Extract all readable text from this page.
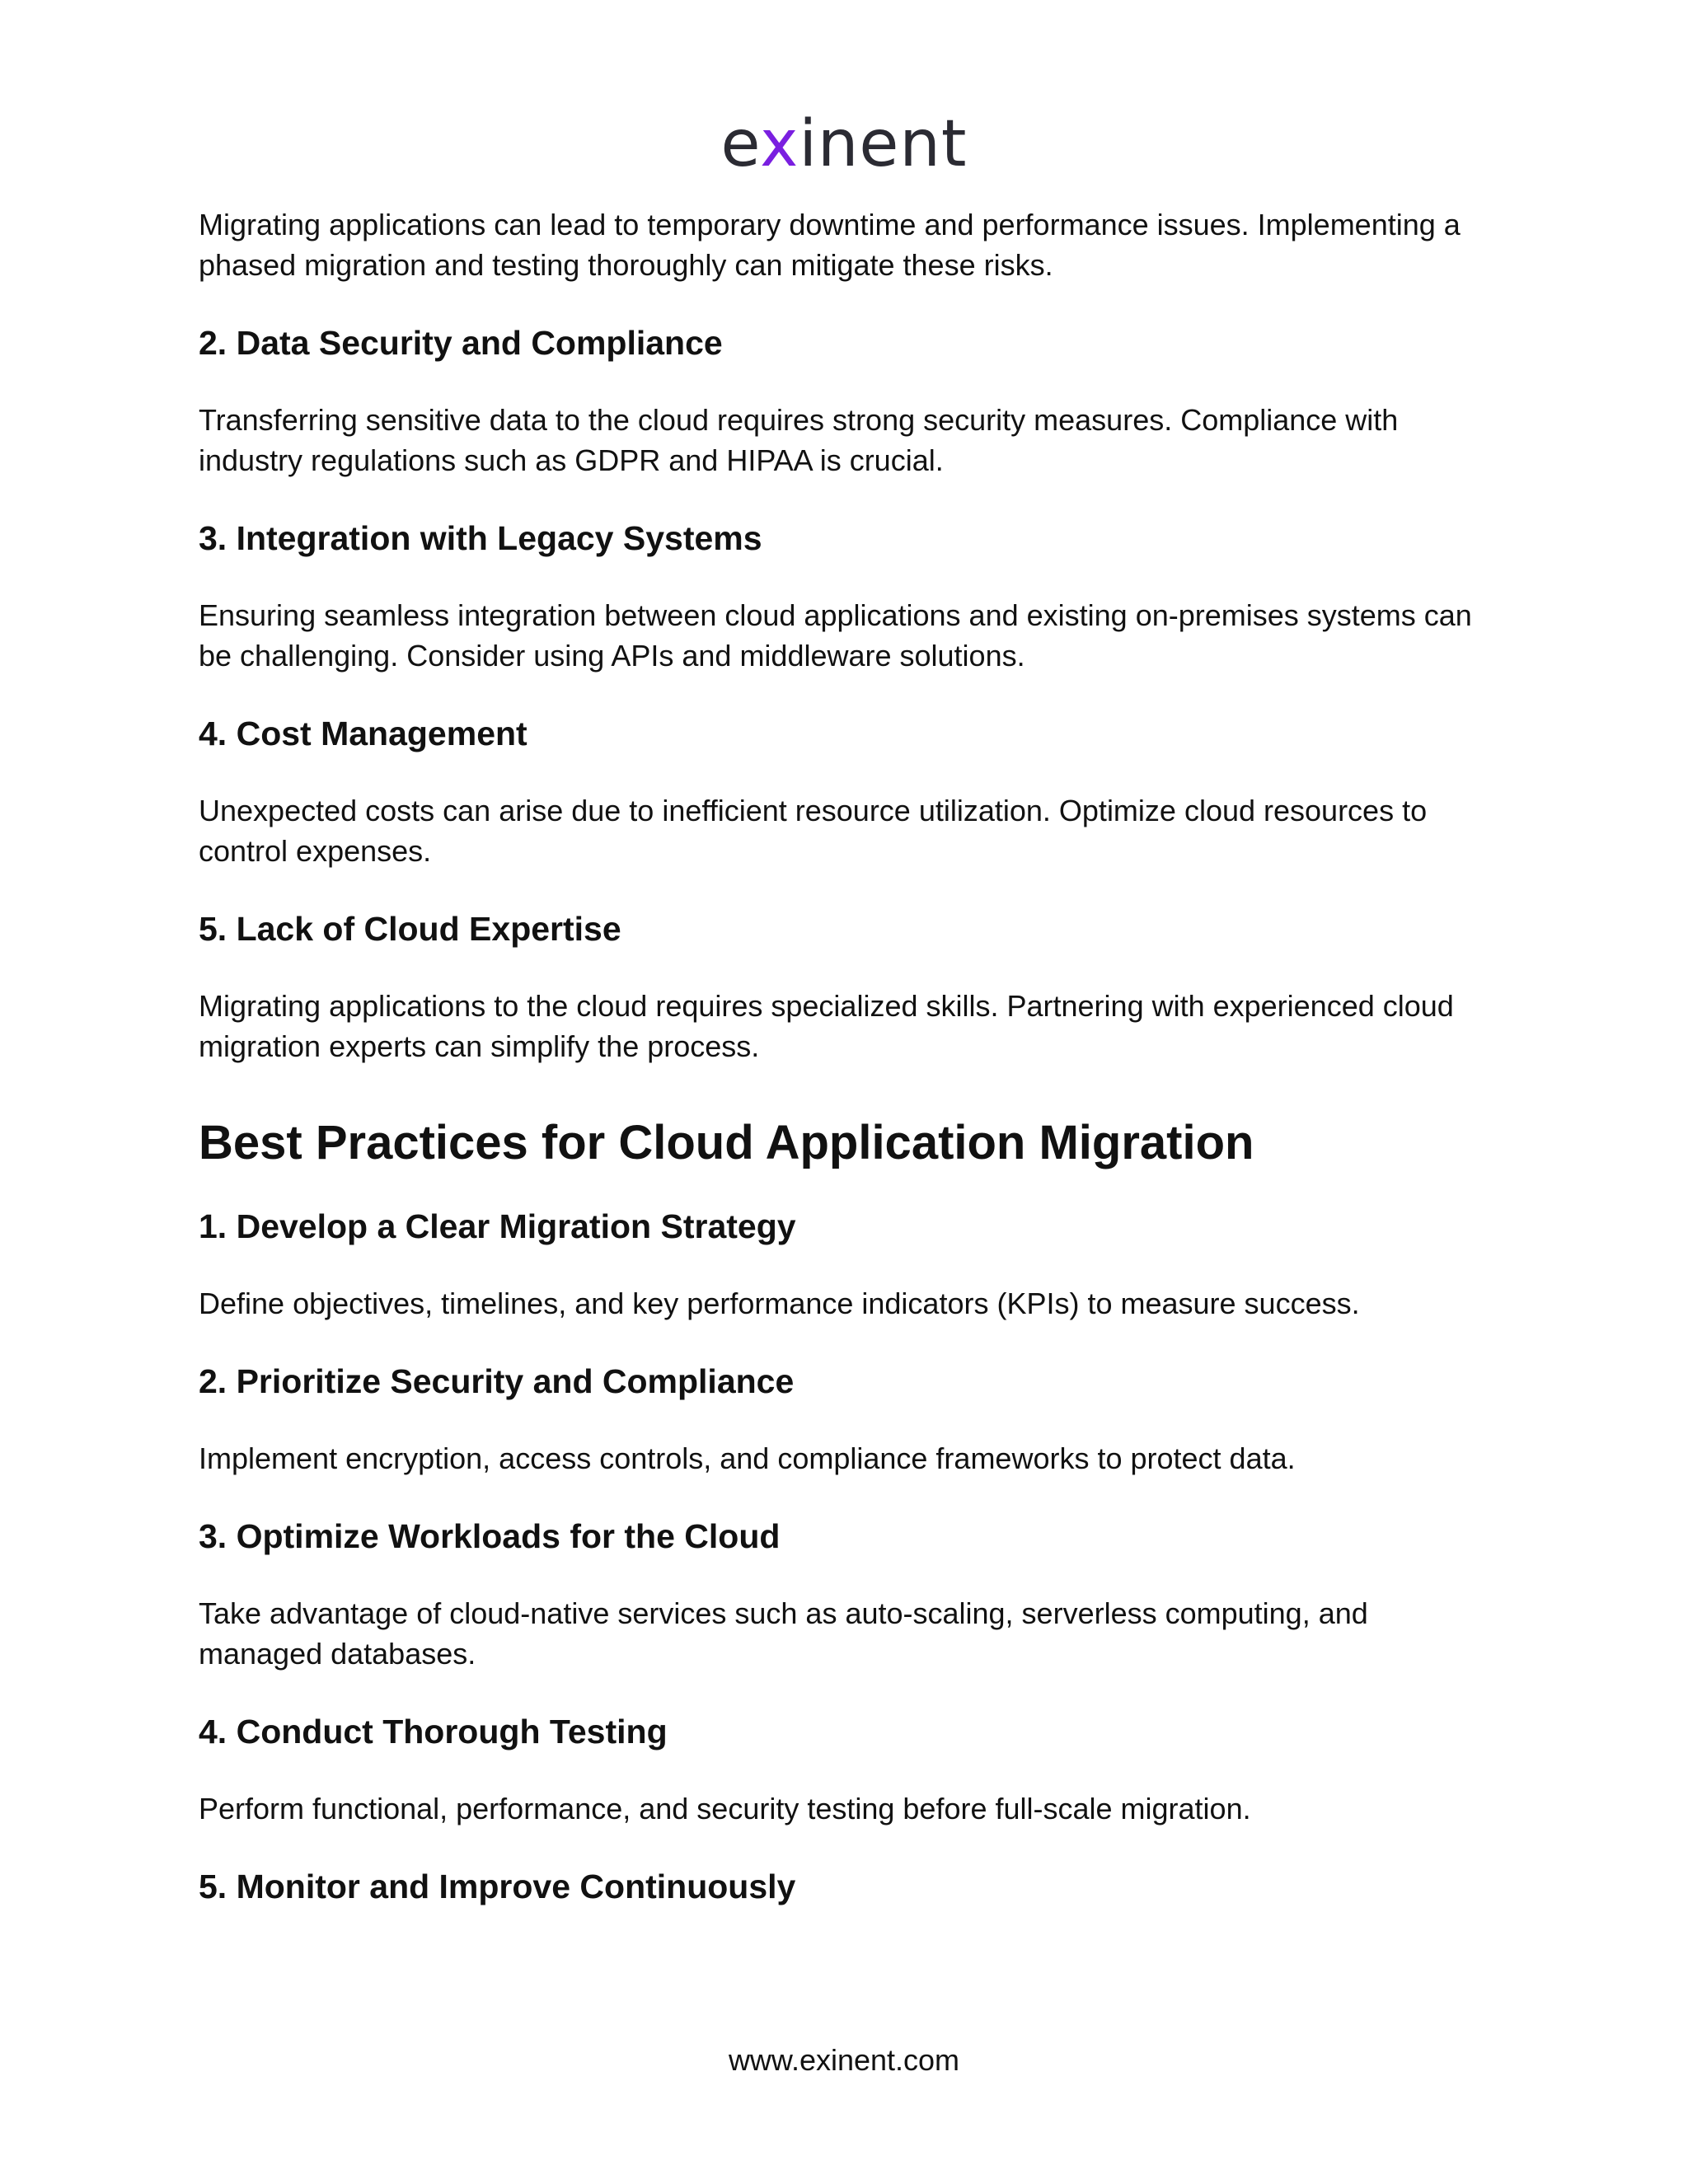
exinent

Migrating applications can lead to temporary downtime and performance issues. Implementing a phased migration and testing thoroughly can mitigate these risks.

2. Data Security and Compliance

Transferring sensitive data to the cloud requires strong security measures. Compliance with industry regulations such as GDPR and HIPAA is crucial.

3. Integration with Legacy Systems

Ensuring seamless integration between cloud applications and existing on-premises systems can be challenging. Consider using APIs and middleware solutions.

4. Cost Management

Unexpected costs can arise due to inefficient resource utilization. Optimize cloud resources to control expenses.

5. Lack of Cloud Expertise

Migrating applications to the cloud requires specialized skills. Partnering with experienced cloud migration experts can simplify the process.

Best Practices for Cloud Application Migration
1. Develop a Clear Migration Strategy

Define objectives, timelines, and key performance indicators (KPIs) to measure success.

2. Prioritize Security and Compliance

Implement encryption, access controls, and compliance frameworks to protect data.

3. Optimize Workloads for the Cloud

Take advantage of cloud-native services such as auto-scaling, serverless computing, and managed databases.

4. Conduct Thorough Testing

Perform functional, performance, and security testing before full-scale migration.

5. Monitor and Improve Continuously
www.exinent.com
